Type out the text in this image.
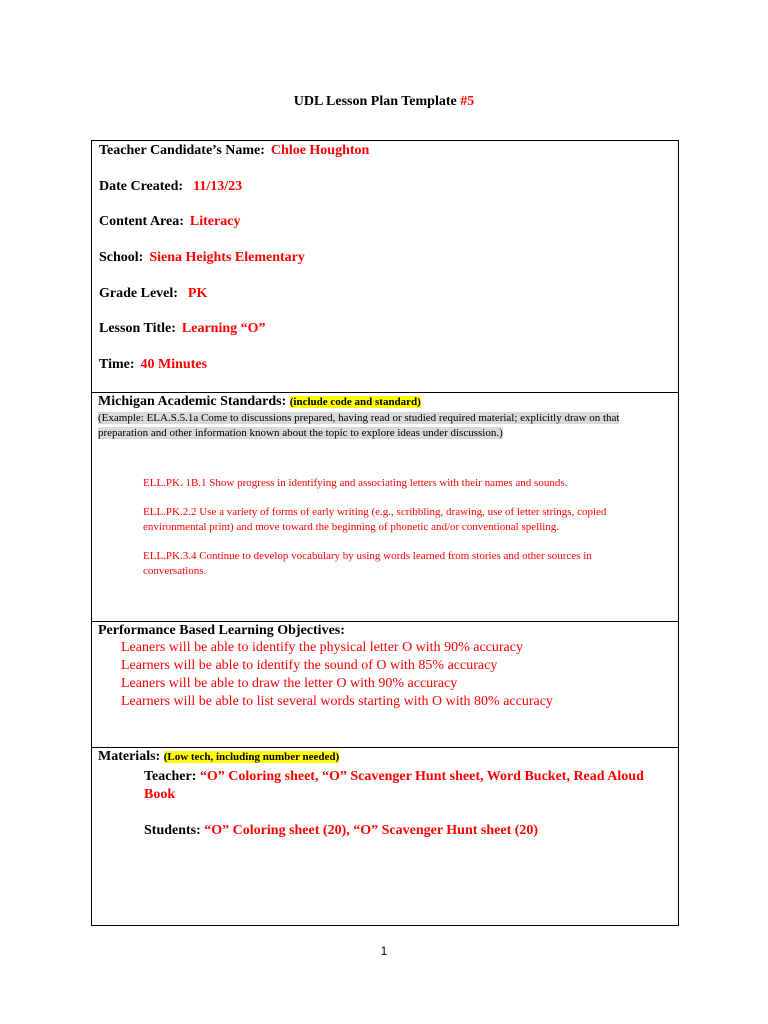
UDL Lesson Plan Template #5
Teacher Candidate’s Name: Chloe Houghton
Date Created: 11/13/23
Content Area: Literacy
School: Siena Heights Elementary
Grade Level: PK
Lesson Title: Learning “O”
Time: 40 Minutes

Michigan Academic Standards: (include code and standard)
(Example: ELA.S.5.1a Come to discussions prepared, having read or studied required material; explicitly draw on that preparation and other information known about the topic to explore ideas under discussion.)
ELL.PK. 1B.1 Show progress in identifying and associating letters with their names and sounds.
ELL.PK.2.2 Use a variety of forms of early writing (e.g., scribbling, drawing, use of letter strings, copied environmental print) and move toward the beginning of phonetic and/or conventional spelling.
ELL.PK.3.4 Continue to develop vocabulary by using words learned from stories and other sources in conversations.

Performance Based Learning Objectives:
Leaners will be able to identify the physical letter O with 90% accuracy
Learners will be able to identify the sound of O with 85% accuracy
Leaners will be able to draw the letter O with 90% accuracy
Learners will be able to list several words starting with O with 80% accuracy

Materials: (Low tech, including number needed)
Teacher: “O” Coloring sheet, “O” Scavenger Hunt sheet, Word Bucket, Read Aloud Book
Students: “O” Coloring sheet (20), “O” Scavenger Hunt sheet (20)
1
